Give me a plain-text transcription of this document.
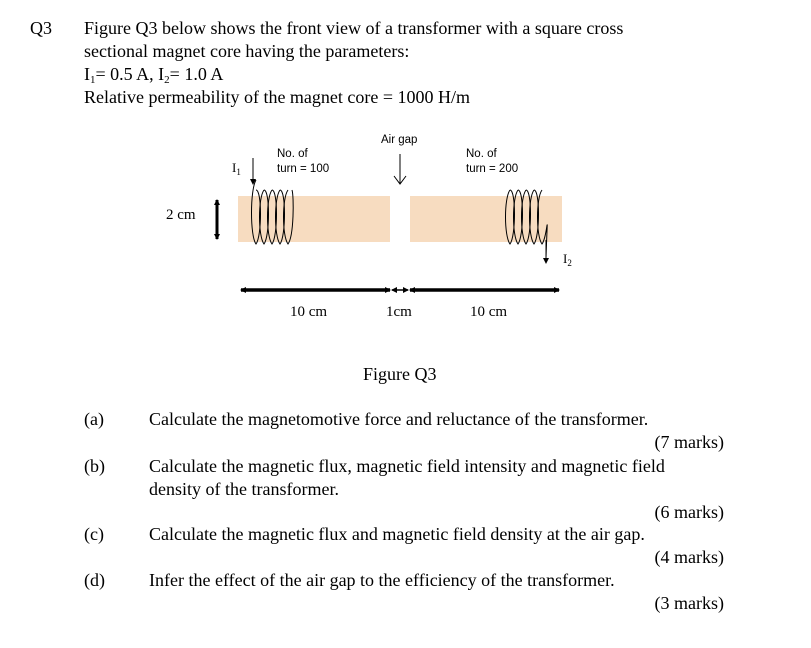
Q3 Figure Q3 below shows the front view of a transformer with a square cross
sectional magnet core having the parameters:
$I_1= 0.5$ A, $I_2= 1.0$ A
Relative permeability of the magnet core = 1000 H/m
Air gap
No. of
turn = 100
No. of
turn = 200
$I_1$
$I_2$
2 cm
10 cm	1cm	10 cm
Figure Q3
(a)	Calculate the magnetomotive force and reluctance of the transformer.
(7 marks)
(b) Calculate the magnetic flux, magnetic field intensity and magnetic field
density of the transformer.
(6 marks)
(c)	Calculate the magnetic flux and magnetic field density at the air gap.
(4 marks)
(d) Infer the effect of the air gap to the efficiency of the transformer.
(3 marks)
